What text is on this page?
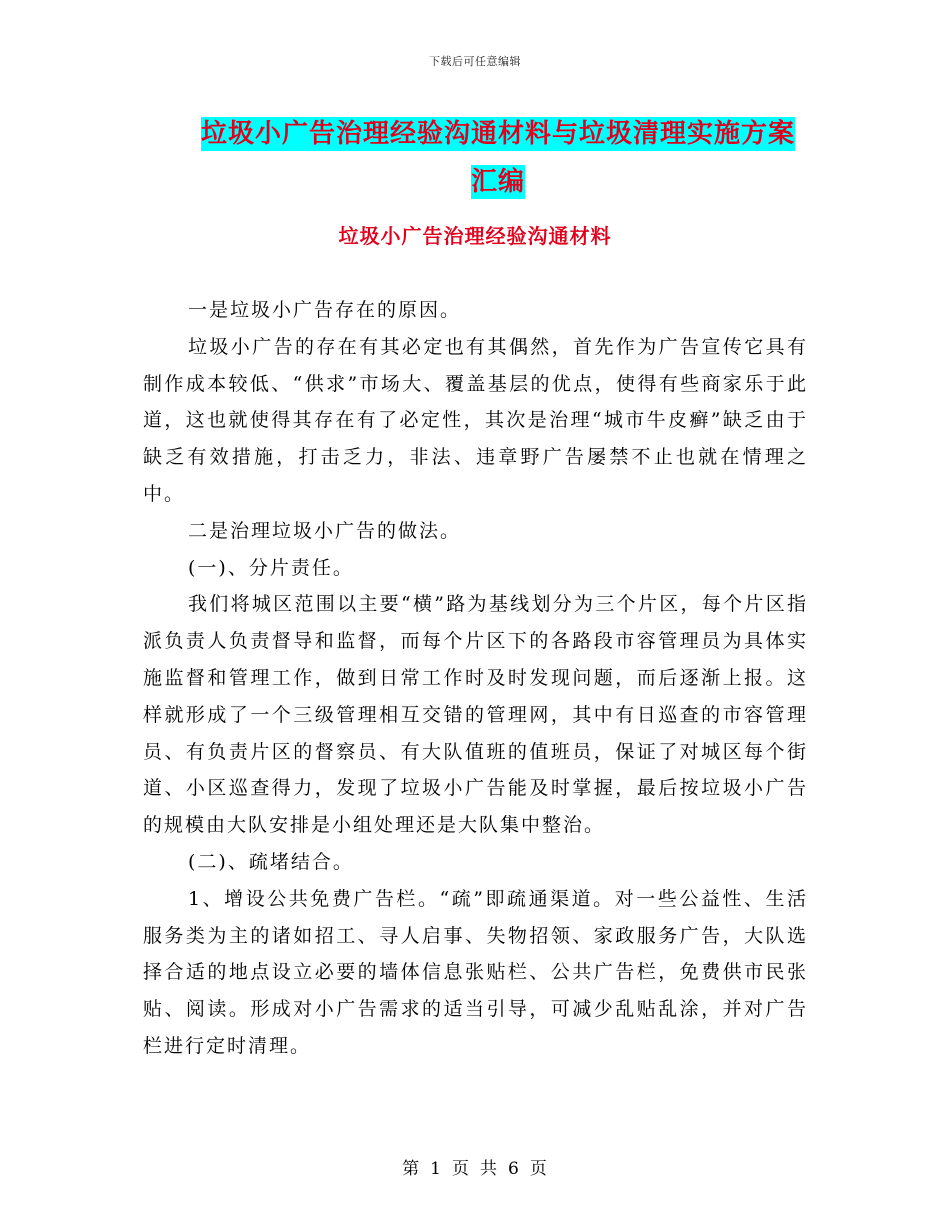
下载后可任意编辑
垃圾小广告治理经验沟通材料与垃圾清理实施方案汇编
垃圾小广告治理经验沟通材料

一是垃圾小广告存在的原因。

垃圾小广告的存在有其必定也有其偶然，首先作为广告宣传它具有制作成本较低、“供求”市场大、覆盖基层的优点，使得有些商家乐于此道，这也就使得其存在有了必定性，其次是治理“城市牛皮癣”缺乏由于缺乏有效措施，打击乏力，非法、违章野广告屡禁不止也就在情理之中。

二是治理垃圾小广告的做法。

(一)、分片责任。

我们将城区范围以主要“横”路为基线划分为三个片区，每个片区指派负责人负责督导和监督，而每个片区下的各路段市容管理员为具体实施监督和管理工作，做到日常工作时及时发现问题，而后逐渐上报。这样就形成了一个三级管理相互交错的管理网，其中有日巡查的市容管理员、有负责片区的督察员、有大队值班的值班员，保证了对城区每个街道、小区巡查得力，发现了垃圾小广告能及时掌握，最后按垃圾小广告的规模由大队安排是小组处理还是大队集中整治。

(二)、疏堵结合。

1、增设公共免费广告栏。“疏”即疏通渠道。对一些公益性、生活服务类为主的诸如招工、寻人启事、失物招领、家政服务广告，大队选择合适的地点设立必要的墙体信息张贴栏、公共广告栏，免费供市民张贴、阅读。形成对小广告需求的适当引导，可减少乱贴乱涂，并对广告栏进行定时清理。

第 1 页 共 6 页
